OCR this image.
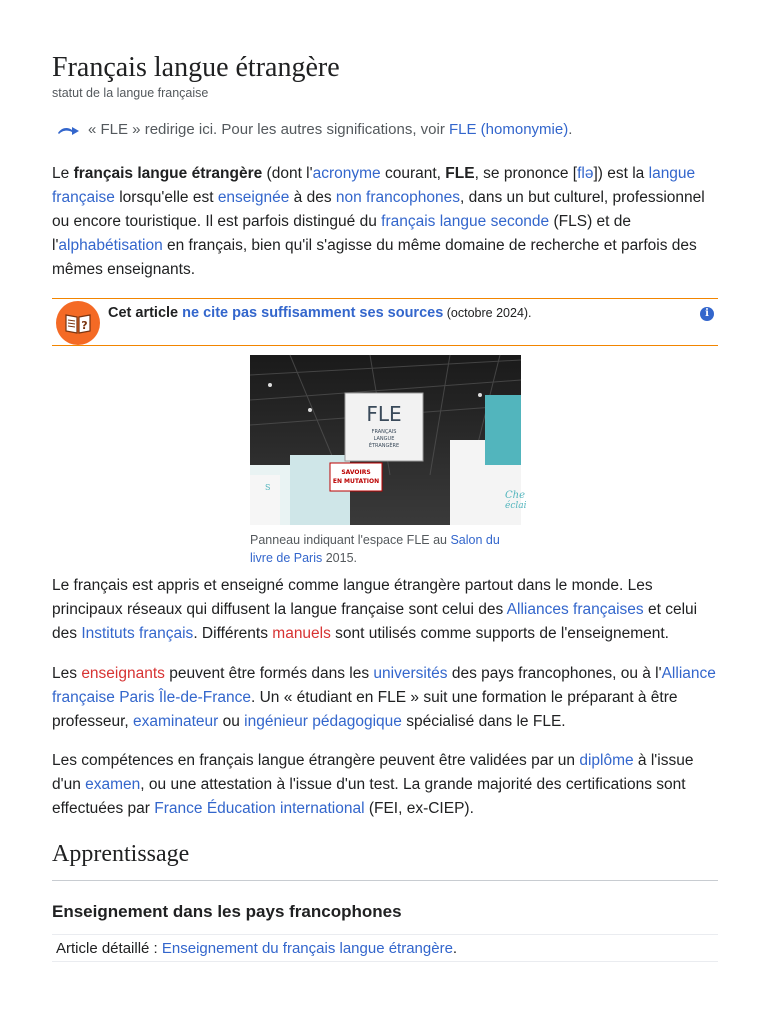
Français langue étrangère
statut de la langue française
« FLE » redirige ici. Pour les autres significations, voir
FLE (homonymie) .

Le français langue étrangère (dont l'acronyme courant, FLE, se prononce [flə]) est la langue française lorsqu'elle est enseignée à des non francophones, dans un but culturel, professionnel ou encore touristique. Il est parfois distingué du français langue seconde (FLS) et de l'alphabétisation en français, bien qu'il s'agisse du même domaine de recherche et parfois des mêmes enseignants.

?
Cet article ne cite pas suffisamment ses sources (octobre 2024).	i
FLE
FRANÇAIS
LANGUE
ÉTRANGÈRE
SAVOIRS
EN MUTATION
Che
éclai
S
S
Panneau indiquant l'espace FLE au Salon du livre de Paris 2015.

Le français est appris et enseigné comme langue étrangère partout dans le monde. Les principaux réseaux qui diffusent la langue française sont celui des Alliances françaises et celui des Instituts français. Différents manuels sont utilisés comme supports de l'enseignement.

Les enseignants peuvent être formés dans les universités des pays francophones, ou à l'Alliance française Paris Île-de-France. Un « étudiant en FLE » suit une formation le préparant à être professeur, examinateur ou ingénieur pédagogique spécialisé dans le FLE.

Les compétences en français langue étrangère peuvent être validées par un diplôme à l'issue d'un examen, ou une attestation à l'issue d'un test. La grande majorité des certifications sont effectuées par France Éducation international (FEI, ex-CIEP).

Apprentissage
Enseignement dans les pays francophones
Article détaillé : Enseignement du français langue étrangère.
